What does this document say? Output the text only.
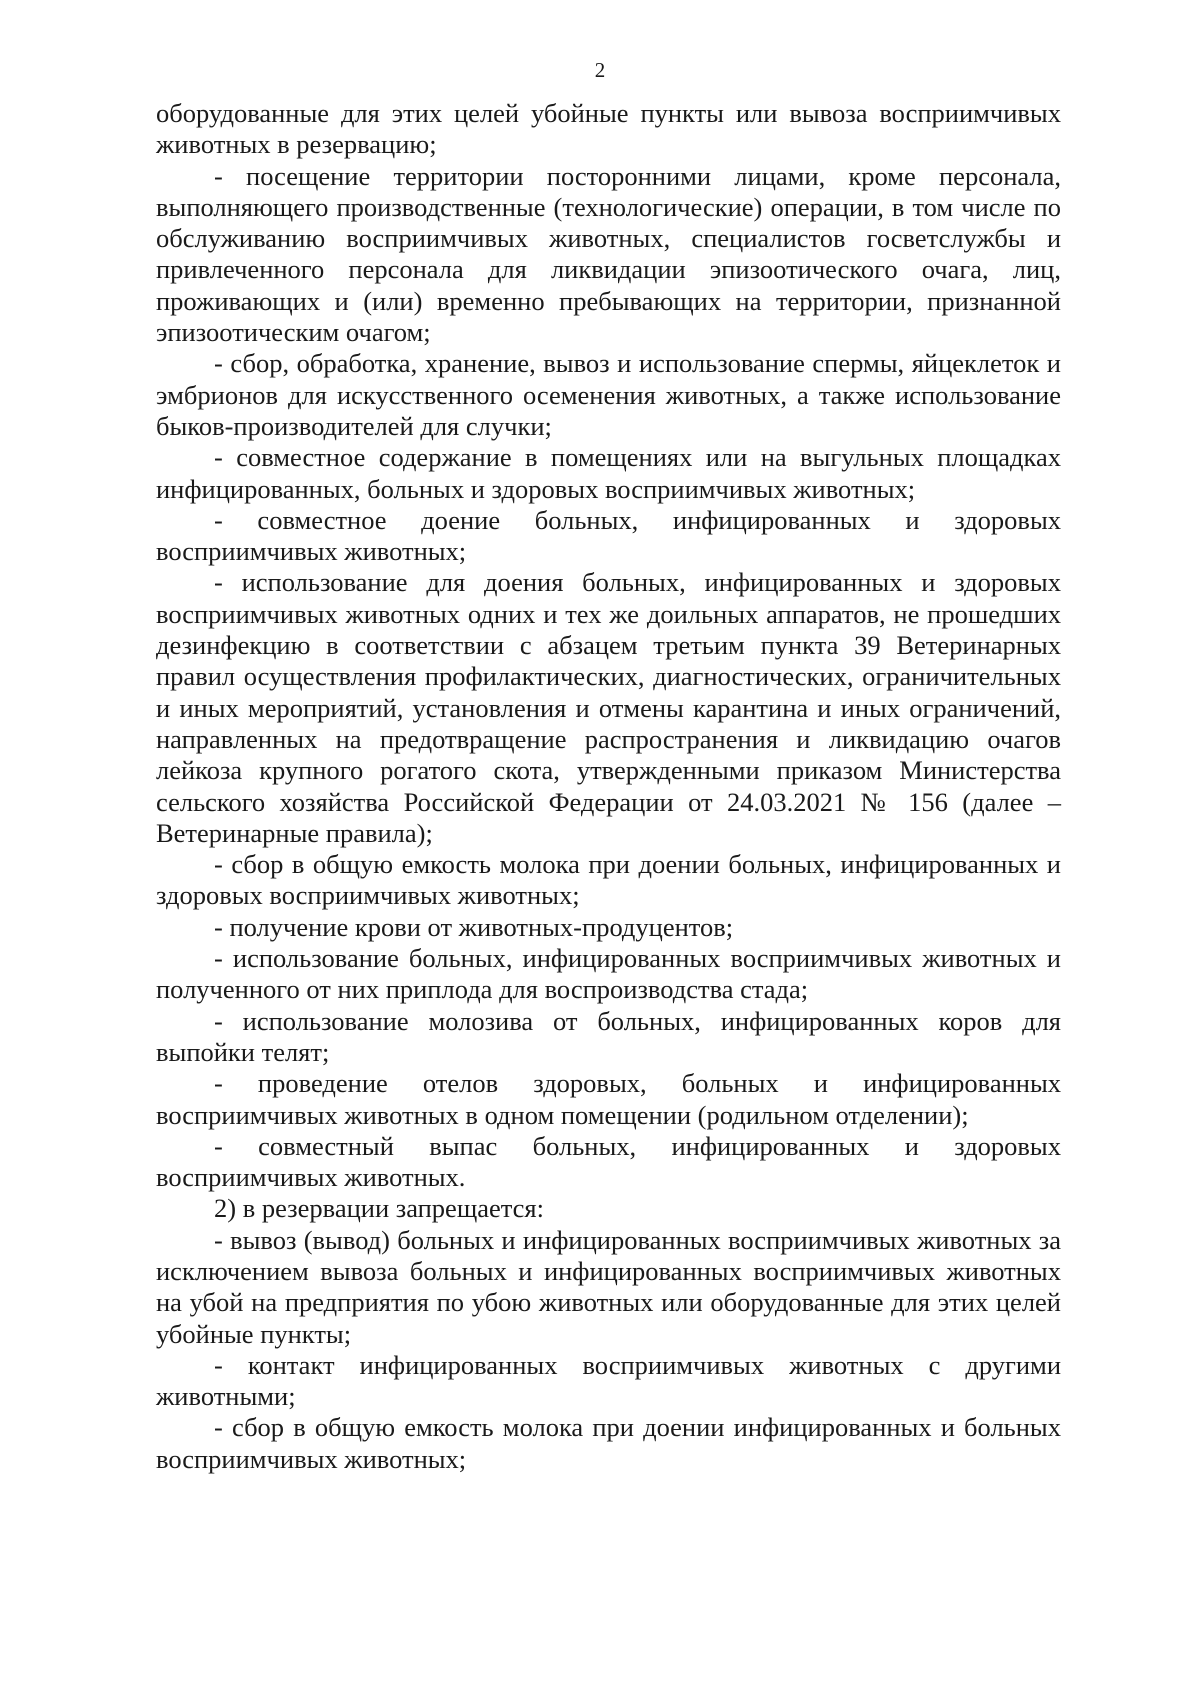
2

оборудованные для этих целей убойные пункты или вывоза восприимчивых животных в резервацию;

- посещение территории посторонними лицами, кроме персонала, выполняющего производственные (технологические) операции, в том числе по обслуживанию восприимчивых животных, специалистов госветслужбы и привлеченного персонала для ликвидации эпизоотического очага, лиц, проживающих и (или) временно пребывающих на территории, признанной эпизоотическим очагом;

- сбор, обработка, хранение, вывоз и использование спермы, яйцеклеток и эмбрионов для искусственного осеменения животных, а также использование быков-производителей для случки;

- совместное содержание в помещениях или на выгульных площадках инфицированных, больных и здоровых восприимчивых животных;

- совместное доение больных, инфицированных и здоровых восприимчивых животных;

- использование для доения больных, инфицированных и здоровых восприимчивых животных одних и тех же доильных аппаратов, не прошедших дезинфекцию в соответствии с абзацем третьим пункта 39 Ветеринарных правил осуществления профилактических, диагностических, ограничительных и иных мероприятий, установления и отмены карантина и иных ограничений, направленных на предотвращение распространения и ликвидацию очагов лейкоза крупного рогатого скота, утвержденными приказом Министерства сельского хозяйства Российской Федерации от 24.03.2021 № 156 (далее – Ветеринарные правила);

- сбор в общую емкость молока при доении больных, инфицированных и здоровых восприимчивых животных;

- получение крови от животных-продуцентов;

- использование больных, инфицированных восприимчивых животных и полученного от них приплода для воспроизводства стада;

- использование молозива от больных, инфицированных коров для выпойки телят;

- проведение отелов здоровых, больных и инфицированных восприимчивых животных в одном помещении (родильном отделении);

- совместный выпас больных, инфицированных и здоровых восприимчивых животных.

2) в резервации запрещается:

- вывоз (вывод) больных и инфицированных восприимчивых животных за исключением вывоза больных и инфицированных восприимчивых животных на убой на предприятия по убою животных или оборудованные для этих целей убойные пункты;

- контакт инфицированных восприимчивых животных с другими животными;

- сбор в общую емкость молока при доении инфицированных и больных восприимчивых животных;
